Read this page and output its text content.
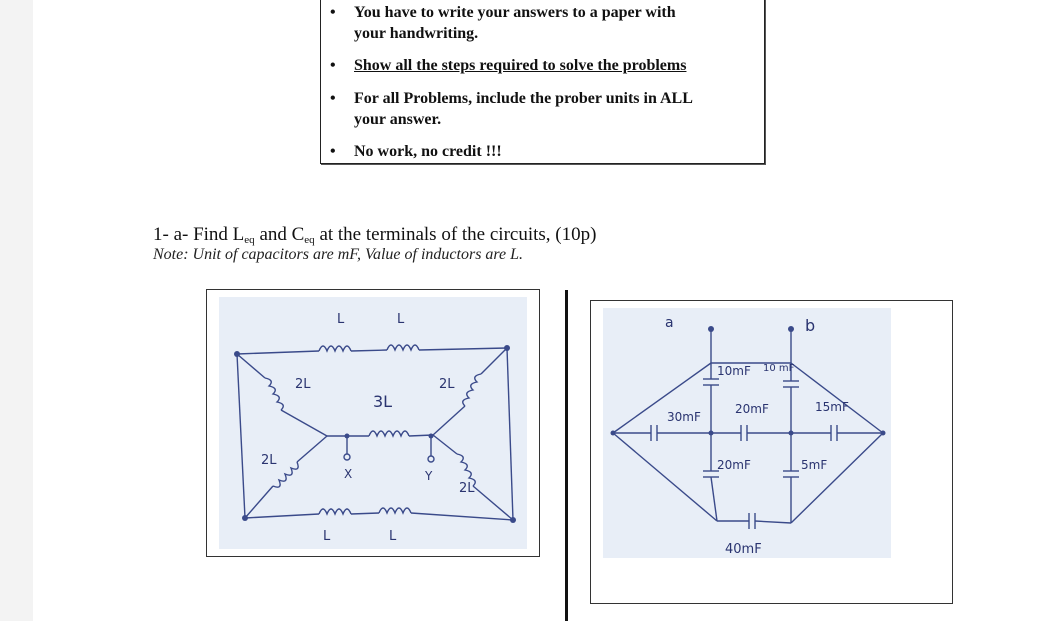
• You have to write your answers to a paper with
your handwriting.
• Show all the steps required to solve the problems
• For all Problems, include the prober units in ALL
your answer.
• No work, no credit !!!
1- a- Find $L_{eq}$ and $C_{eq}$ at the terminals of the circuits, (10p)
Note: Unit of capacitors are mF, Value of inductors are L.
L	L
2L	2L
3L
2L
2L
L	L
X	Y
a	b
10mF 10 mF
30mF
20mF	15mF
20mF	5mF
40mF
